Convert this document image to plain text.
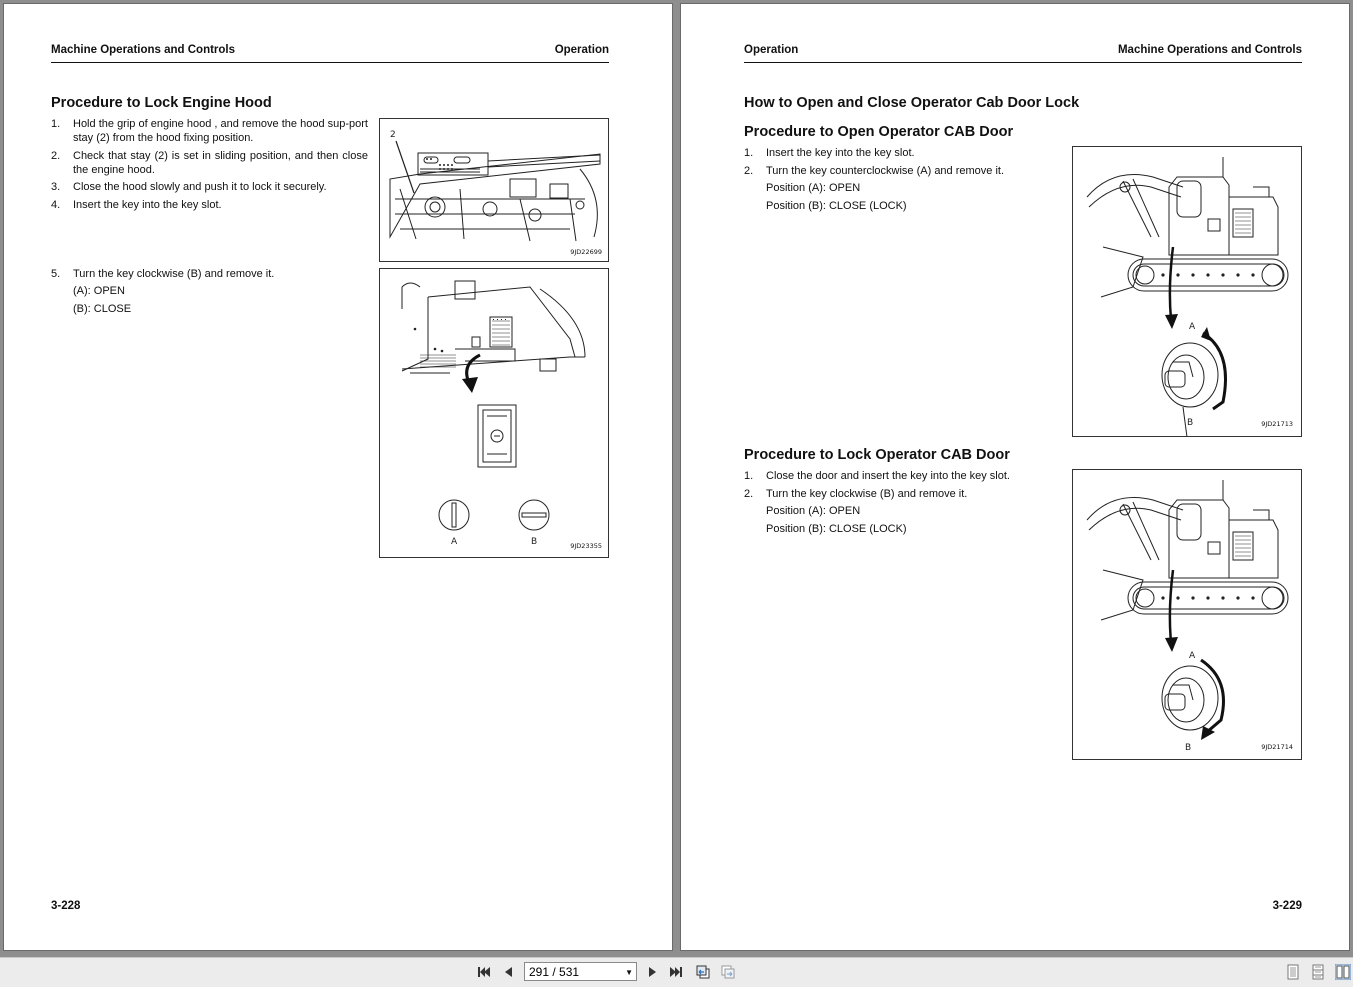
Machine Operations and Controls	Operation
Procedure to Lock Engine Hood
1. Hold the grip of engine hood , and remove the hood sup-port stay (2) from the hood fixing position.
2. Check that stay (2) is set in sliding position, and then close the engine hood.
3. Close the hood slowly and push it to lock it securely.
4. Insert the key into the key slot.
5. Turn the key clockwise (B) and remove it.
(A): OPEN
(B): CLOSE
2
9JD22699
A	B	9JD23355
3-228
Operation	Machine Operations and Controls
How to Open and Close Operator Cab Door Lock
Procedure to Open Operator CAB Door
1. Insert the key into the key slot.
2. Turn the key counterclockwise (A) and remove it.
Position (A): OPEN
Position (B): CLOSE (LOCK)
A
B	9JD21713
Procedure to Lock Operator CAB Door
1. Close the door and insert the key into the key slot.
2. Turn the key clockwise (B) and remove it.
Position (A): OPEN
Position (B): CLOSE (LOCK)
A
B	9JD21714
3-229
291 / 531
▼
